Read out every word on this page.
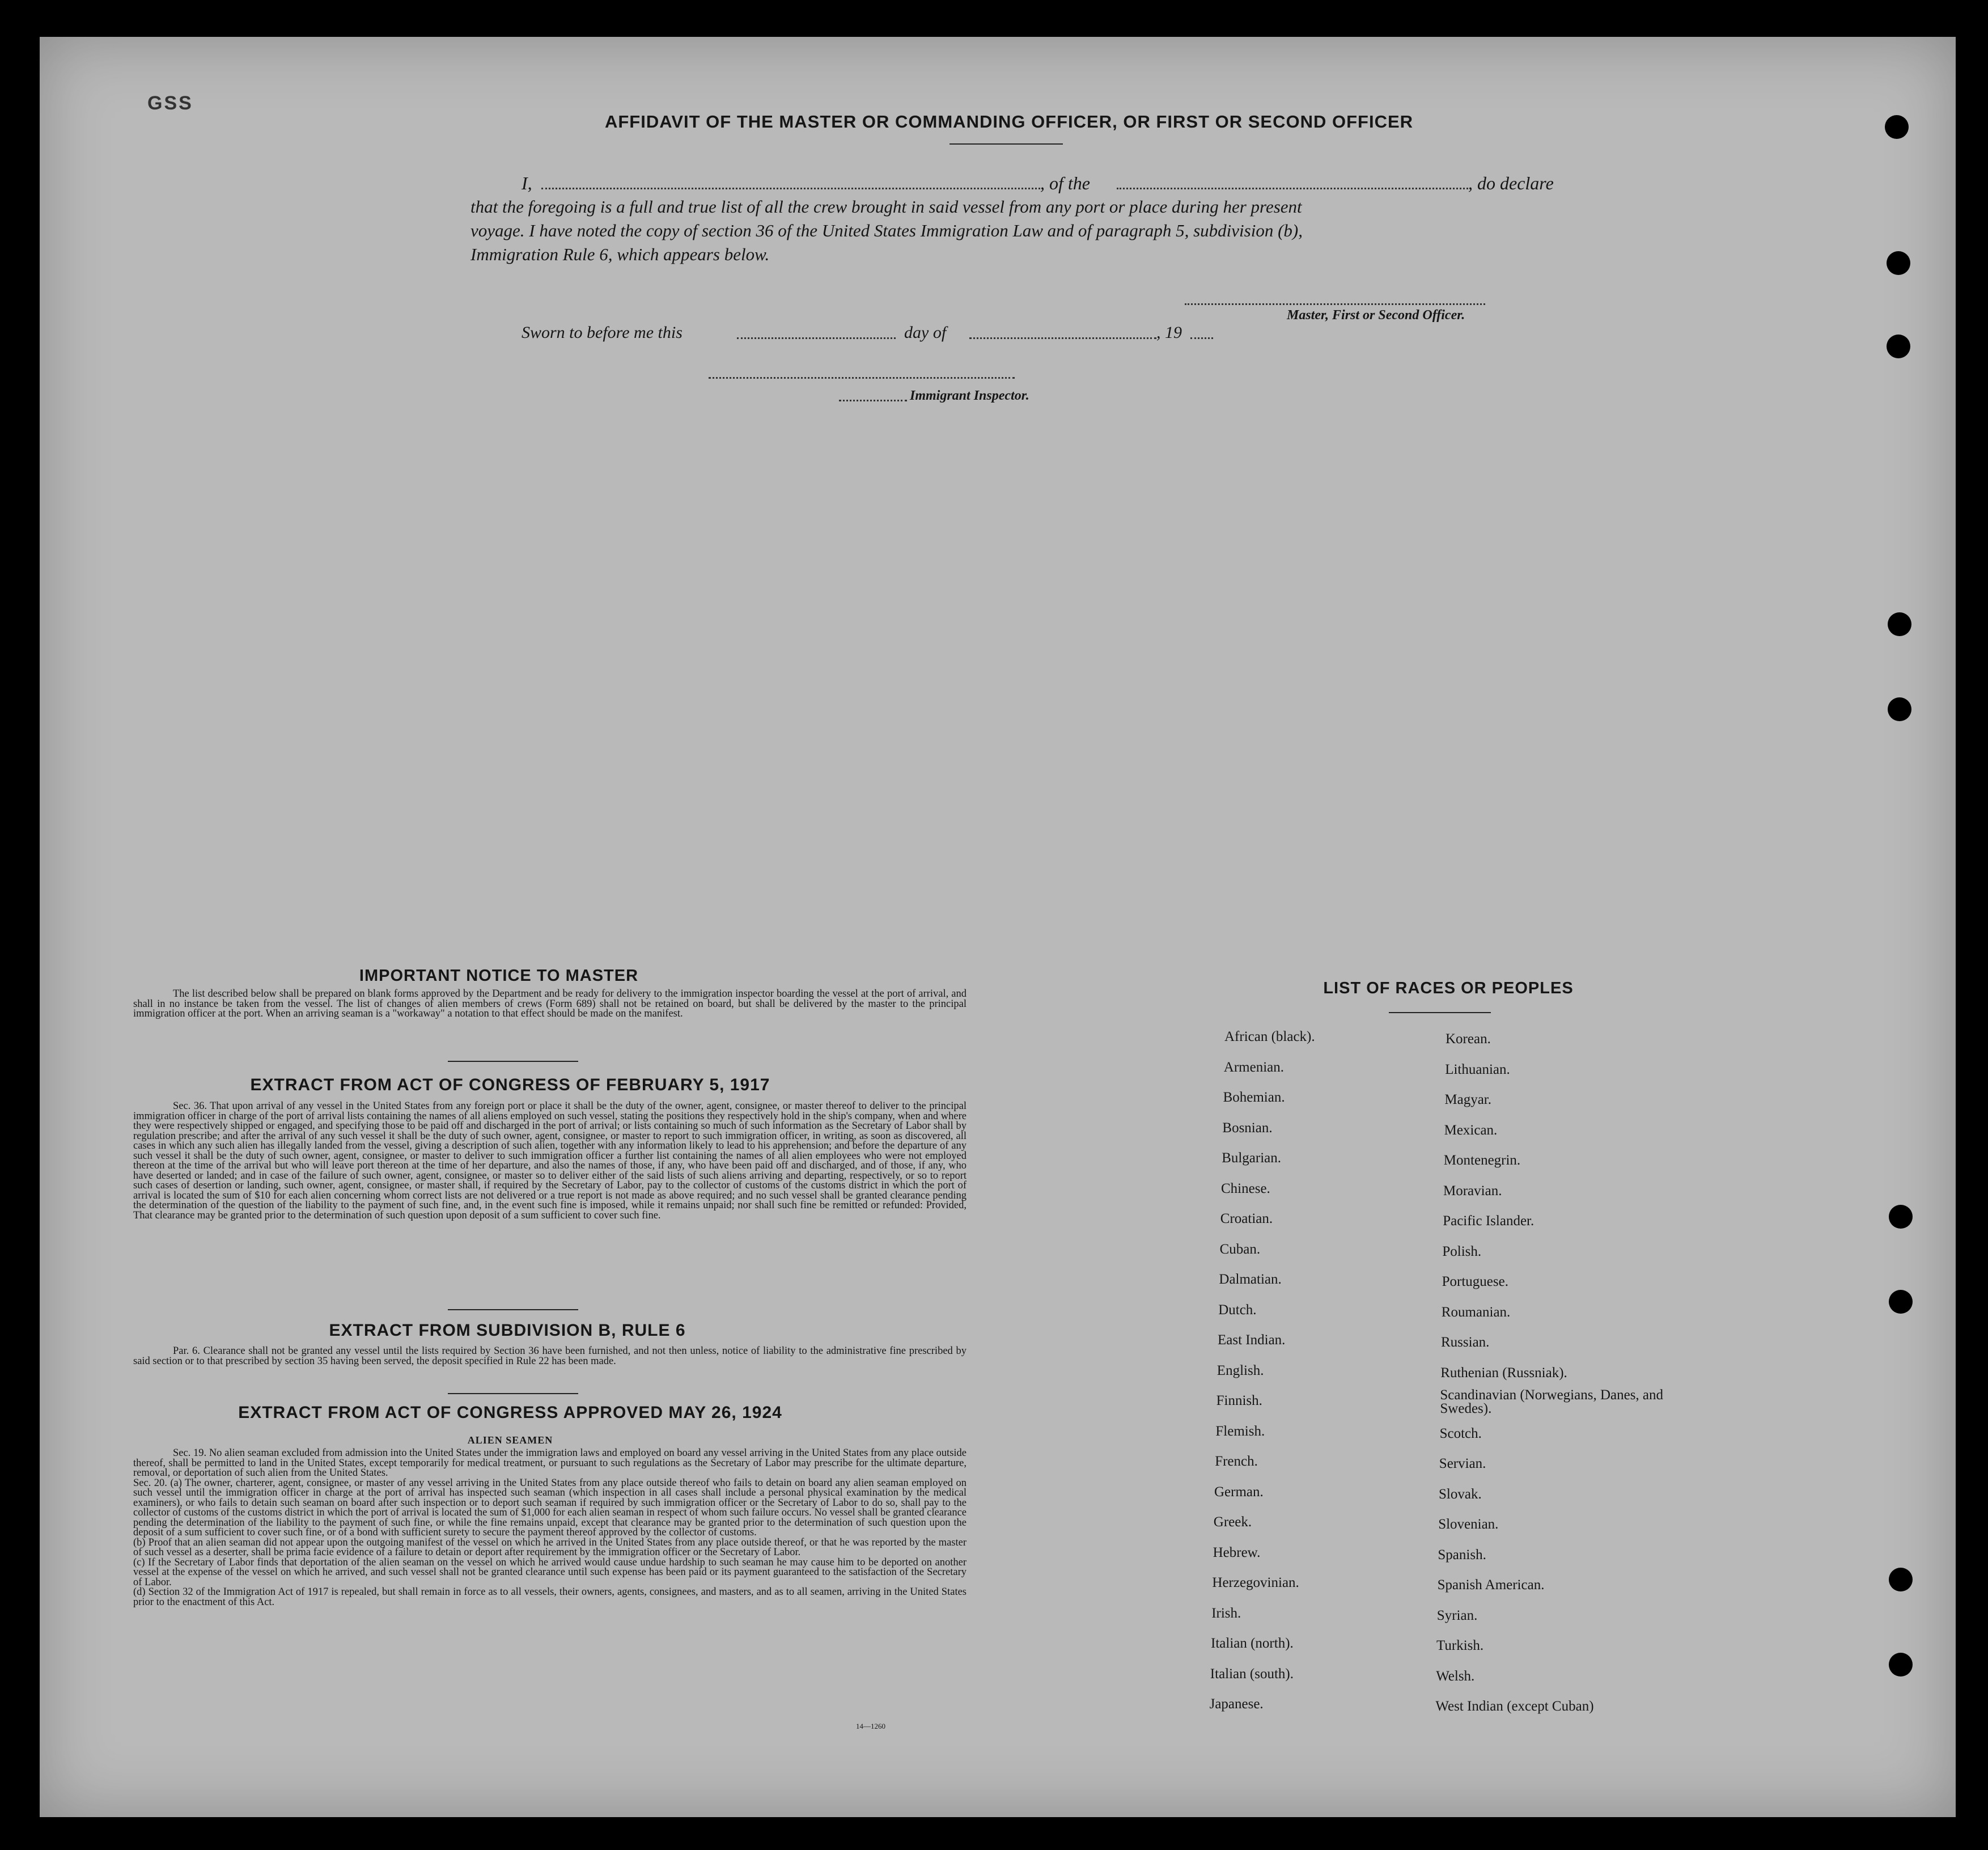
GSS
AFFIDAVIT OF THE MASTER OR COMMANDING OFFICER, OR FIRST OR SECOND OFFICER
I,	, of the	, do declare
that the foregoing is a full and true list of all the crew brought in said vessel from any port or place during her present
voyage. I have noted the copy of section 36 of the United States Immigration Law and of paragraph 5, subdivision (b),
Immigration Rule 6, which appears below.
Master, First or Second Officer.
Sworn to before me this	day of	, 19
Immigrant Inspector.
IMPORTANT NOTICE TO MASTER
The list described below shall be prepared on blank forms approved by the Department and be ready for delivery to the immigration inspector boarding the vessel at the port of arrival, and shall in no instance be taken from the vessel. The list of changes of alien members of crews (Form 689) shall not be retained on board, but shall be delivered by the master to the principal immigration officer at the port. When an arriving seaman is a "workaway" a notation to that effect should be made on the manifest.
EXTRACT FROM ACT OF CONGRESS OF FEBRUARY 5, 1917
Sec. 36. That upon arrival of any vessel in the United States from any foreign port or place it shall be the duty of the owner, agent, consignee, or master thereof to deliver to the principal immigration officer in charge of the port of arrival lists containing the names of all aliens employed on such vessel, stating the positions they respectively hold in the ship's company, when and where they were respectively shipped or engaged, and specifying those to be paid off and discharged in the port of arrival; or lists containing so much of such information as the Secretary of Labor shall by regulation prescribe; and after the arrival of any such vessel it shall be the duty of such owner, agent, consignee, or master to report to such immigration officer, in writing, as soon as discovered, all cases in which any such alien has illegally landed from the vessel, giving a description of such alien, together with any information likely to lead to his apprehension; and before the departure of any such vessel it shall be the duty of such owner, agent, consignee, or master to deliver to such immigration officer a further list containing the names of all alien employees who were not employed thereon at the time of the arrival but who will leave port thereon at the time of her departure, and also the names of those, if any, who have been paid off and discharged, and of those, if any, who have deserted or landed; and in case of the failure of such owner, agent, consignee, or master so to deliver either of the said lists of such aliens arriving and departing, respectively, or so to report such cases of desertion or landing, such owner, agent, consignee, or master shall, if required by the Secretary of Labor, pay to the collector of customs of the customs district in which the port of arrival is located the sum of $10 for each alien concerning whom correct lists are not delivered or a true report is not made as above required; and no such vessel shall be granted clearance pending the determination of the question of the liability to the payment of such fine, and, in the event such fine is imposed, while it remains unpaid; nor shall such fine be remitted or refunded: Provided, That clearance may be granted prior to the determination of such question upon deposit of a sum sufficient to cover such fine.
EXTRACT FROM SUBDIVISION B, RULE 6
Par. 6. Clearance shall not be granted any vessel until the lists required by Section 36 have been furnished, and not then unless, notice of liability to the administrative fine prescribed by said section or to that prescribed by section 35 having been served, the deposit specified in Rule 22 has been made.
EXTRACT FROM ACT OF CONGRESS APPROVED MAY 26, 1924
ALIEN SEAMEN
Sec. 19. No alien seaman excluded from admission into the United States under the immigration laws and employed on board any vessel arriving in the United States from any place outside thereof, shall be permitted to land in the United States, except temporarily for medical treatment, or pursuant to such regulations as the Secretary of Labor may prescribe for the ultimate departure, removal, or deportation of such alien from the United States.
Sec. 20. (a) The owner, charterer, agent, consignee, or master of any vessel arriving in the United States from any place outside thereof who fails to detain on board any alien seaman employed on such vessel until the immigration officer in charge at the port of arrival has inspected such seaman (which inspection in all cases shall include a personal physical examination by the medical examiners), or who fails to detain such seaman on board after such inspection or to deport such seaman if required by such immigration officer or the Secretary of Labor to do so, shall pay to the collector of customs of the customs district in which the port of arrival is located the sum of $1,000 for each alien seaman in respect of whom such failure occurs. No vessel shall be granted clearance pending the determination of the liability to the payment of such fine, or while the fine remains unpaid, except that clearance may be granted prior to the determination of such question upon the deposit of a sum sufficient to cover such fine, or of a bond with sufficient surety to secure the payment thereof approved by the collector of customs.
(b) Proof that an alien seaman did not appear upon the outgoing manifest of the vessel on which he arrived in the United States from any place outside thereof, or that he was reported by the master of such vessel as a deserter, shall be prima facie evidence of a failure to detain or deport after requirement by the immigration officer or the Secretary of Labor.
(c) If the Secretary of Labor finds that deportation of the alien seaman on the vessel on which he arrived would cause undue hardship to such seaman he may cause him to be deported on another vessel at the expense of the vessel on which he arrived, and such vessel shall not be granted clearance until such expense has been paid or its payment guaranteed to the satisfaction of the Secretary of Labor.
(d) Section 32 of the Immigration Act of 1917 is repealed, but shall remain in force as to all vessels, their owners, agents, consignees, and masters, and as to all seamen, arriving in the United States prior to the enactment of this Act.
14—1260
LIST OF RACES OR PEOPLES
African (black).
Armenian.
Bohemian.
Bosnian.
Bulgarian.
Chinese.
Croatian.
Cuban.
Dalmatian.
Dutch.
East Indian.
English.
Finnish.
Flemish.
French.
German.
Greek.
Hebrew.
Herzegovinian.
Irish.
Italian (north).
Italian (south).
Japanese.
Korean.
Lithuanian.
Magyar.
Mexican.
Montenegrin.
Moravian.
Pacific Islander.
Polish.
Portuguese.
Roumanian.
Russian.
Ruthenian (Russniak).
Scandinavian (Norwegians, Danes, and Swedes).
Scotch.
Servian.
Slovak.
Slovenian.
Spanish.
Spanish American.
Syrian.
Turkish.
Welsh.
West Indian (except Cuban)
